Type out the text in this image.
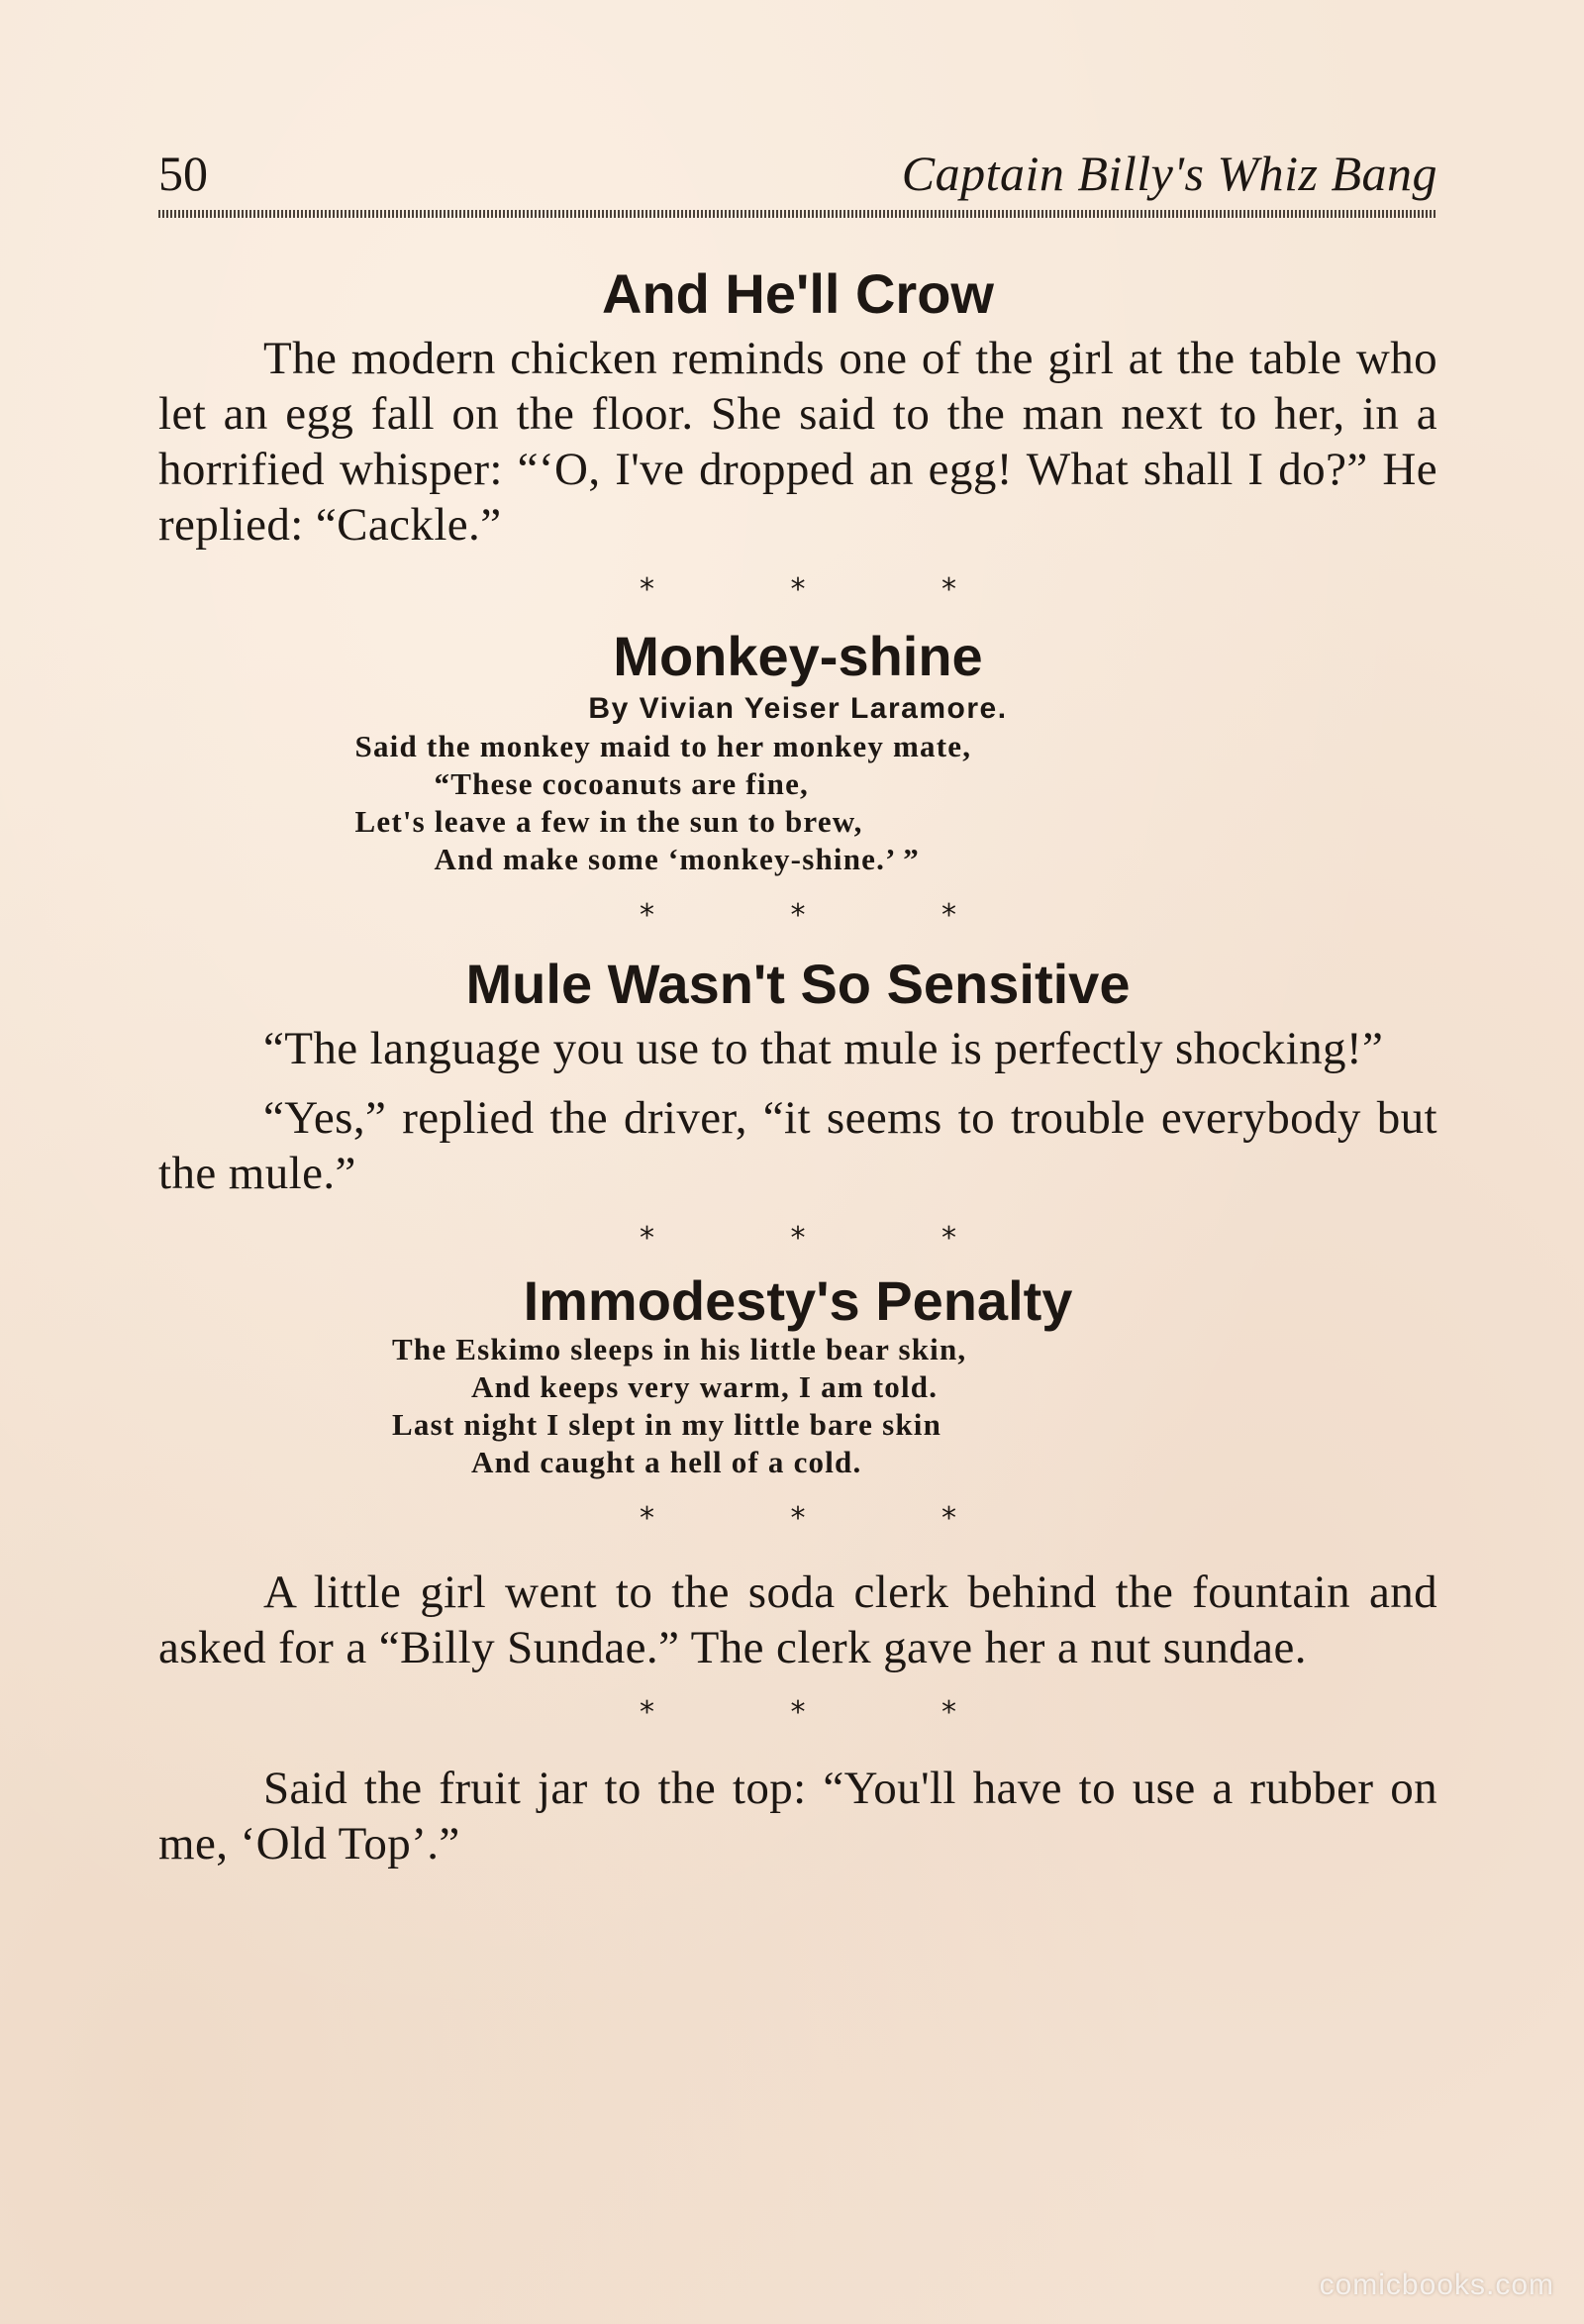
50	Captain Billy's Whiz Bang
And He'll Crow

The modern chicken reminds one of the girl at the table who let an egg fall on the floor. She said to the man next to her, in a horrified whisper: “‘O, I've dropped an egg! What shall I do?” He replied: “Cackle.”

* * *
Monkey-shine
By Vivian Yeiser Laramore.
Said the monkey maid to her monkey mate,
“These cocoanuts are fine,
Let's leave a few in the sun to brew,
And make some ‘monkey-shine.’ ”
* * *
Mule Wasn't So Sensitive

“The language you use to that mule is perfectly shocking!”

“Yes,” replied the driver, “it seems to trouble everybody but the mule.”

* * *
Immodesty's Penalty
The Eskimo sleeps in his little bear skin,
And keeps very warm, I am told.
Last night I slept in my little bare skin
And caught a hell of a cold.
* * *

A little girl went to the soda clerk behind the fountain and asked for a “Billy Sundae.” The clerk gave her a nut sundae.

* * *

Said the fruit jar to the top: “You'll have to use a rubber on me, ‘Old Top’.”

comicbooks.com
